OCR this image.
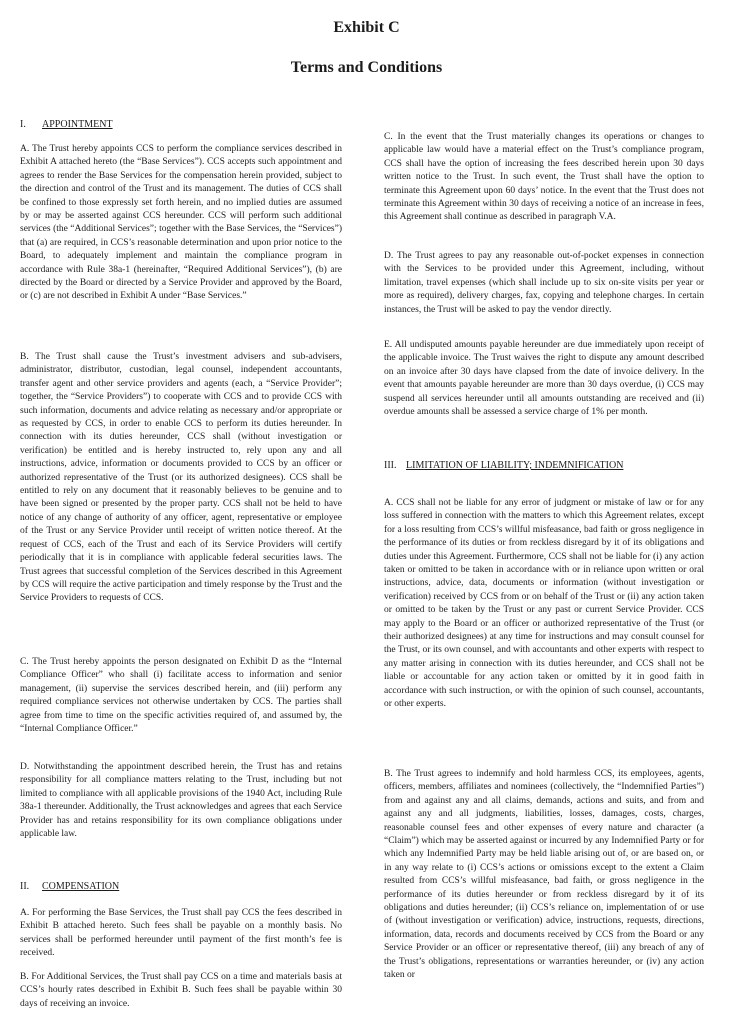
Exhibit C
Terms and Conditions
I. APPOINTMENT

A. The Trust hereby appoints CCS to perform the compliance services described in Exhibit A attached hereto (the “Base Services”). CCS accepts such appointment and agrees to render the Base Services for the compensation herein provided, subject to the direction and control of the Trust and its management. The duties of CCS shall be confined to those expressly set forth herein, and no implied duties are assumed by or may be asserted against CCS hereunder. CCS will perform such additional services (the “Additional Services”; together with the Base Services, the “Services”) that (a) are required, in CCS’s reasonable determination and upon prior notice to the Board, to adequately implement and maintain the compliance program in accordance with Rule 38a-1 (hereinafter, “Required Additional Services”), (b) are directed by the Board or directed by a Service Provider and approved by the Board, or (c) are not described in Exhibit A under “Base Services.”

B. The Trust shall cause the Trust’s investment advisers and sub-advisers, administrator, distributor, custodian, legal counsel, independent accountants, transfer agent and other service providers and agents (each, a “Service Provider”; together, the “Service Providers”) to cooperate with CCS and to provide CCS with such information, documents and advice relating as necessary and/or appropriate or as requested by CCS, in order to enable CCS to perform its duties hereunder. In connection with its duties hereunder, CCS shall (without investigation or verification) be entitled and is hereby instructed to, rely upon any and all instructions, advice, information or documents provided to CCS by an officer or authorized representative of the Trust (or its authorized designees). CCS shall be entitled to rely on any document that it reasonably believes to be genuine and to have been signed or presented by the proper party. CCS shall not be held to have notice of any change of authority of any officer, agent, representative or employee of the Trust or any Service Provider until receipt of written notice thereof. At the request of CCS, each of the Trust and each of its Service Providers will certify periodically that it is in compliance with applicable federal securities laws. The Trust agrees that successful completion of the Services described in this Agreement by CCS will require the active participation and timely response by the Trust and the Service Providers to requests of CCS.

C. The Trust hereby appoints the person designated on Exhibit D as the “Internal Compliance Officer” who shall (i) facilitate access to information and senior management, (ii) supervise the services described herein, and (iii) perform any required compliance services not otherwise undertaken by CCS. The parties shall agree from time to time on the specific activities required of, and assumed by, the “Internal Compliance Officer.”

D. Notwithstanding the appointment described herein, the Trust has and retains responsibility for all compliance matters relating to the Trust, including but not limited to compliance with all applicable provisions of the 1940 Act, including Rule 38a-1 thereunder. Additionally, the Trust acknowledges and agrees that each Service Provider has and retains responsibility for its own compliance obligations under applicable law.

II. COMPENSATION

A. For performing the Base Services, the Trust shall pay CCS the fees described in Exhibit B attached hereto. Such fees shall be payable on a monthly basis. No services shall be performed hereunder until payment of the first month’s fee is received.

B. For Additional Services, the Trust shall pay CCS on a time and materials basis at CCS’s hourly rates described in Exhibit B. Such fees shall be payable within 30 days of receiving an invoice.

C. In the event that the Trust materially changes its operations or changes to applicable law would have a material effect on the Trust’s compliance program, CCS shall have the option of increasing the fees described herein upon 30 days written notice to the Trust. In such event, the Trust shall have the option to terminate this Agreement upon 60 days’ notice. In the event that the Trust does not terminate this Agreement within 30 days of receiving a notice of an increase in fees, this Agreement shall continue as described in paragraph V.A.

D. The Trust agrees to pay any reasonable out-of-pocket expenses in connection with the Services to be provided under this Agreement, including, without limitation, travel expenses (which shall include up to six on-site visits per year or more as required), delivery charges, fax, copying and telephone charges. In certain instances, the Trust will be asked to pay the vendor directly.

E. All undisputed amounts payable hereunder are due immediately upon receipt of the applicable invoice. The Trust waives the right to dispute any amount described on an invoice after 30 days have clapsed from the date of invoice delivery. In the event that amounts payable hereunder are more than 30 days overdue, (i) CCS may suspend all services hereunder until all amounts outstanding are received and (ii) overdue amounts shall be assessed a service charge of 1% per month.

III. LIMITATION OF LIABILITY; INDEMNIFICATION

A. CCS shall not be liable for any error of judgment or mistake of law or for any loss suffered in connection with the matters to which this Agreement relates, except for a loss resulting from CCS’s willful misfeasance, bad faith or gross negligence in the performance of its duties or from reckless disregard by it of its obligations and duties under this Agreement. Furthermore, CCS shall not be liable for (i) any action taken or omitted to be taken in accordance with or in reliance upon written or oral instructions, advice, data, documents or information (without investigation or verification) received by CCS from or on behalf of the Trust or (ii) any action taken or omitted to be taken by the Trust or any past or current Service Provider. CCS may apply to the Board or an officer or authorized representative of the Trust (or their authorized designees) at any time for instructions and may consult counsel for the Trust, or its own counsel, and with accountants and other experts with respect to any matter arising in connection with its duties hereunder, and CCS shall not be liable or accountable for any action taken or omitted by it in good faith in accordance with such instruction, or with the opinion of such counsel, accountants, or other experts.

B. The Trust agrees to indemnify and hold harmless CCS, its employees, agents, officers, members, affiliates and nominees (collectively, the “Indemnified Parties”) from and against any and all claims, demands, actions and suits, and from and against any and all judgments, liabilities, losses, damages, costs, charges, reasonable counsel fees and other expenses of every nature and character (a “Claim”) which may be asserted against or incurred by any Indemnified Party or for which any Indemnified Party may be held liable arising out of, or are based on, or in any way relate to (i) CCS’s actions or omissions except to the extent a Claim resulted from CCS’s willful misfeasance, bad faith, or gross negligence in the performance of its duties hereunder or from reckless disregard by it of its obligations and duties hereunder; (ii) CCS’s reliance on, implementation of or use of (without investigation or verification) advice, instructions, requests, directions, information, data, records and documents received by CCS from the Board or any Service Provider or an officer or representative thereof, (iii) any breach of any of the Trust’s obligations, representations or warranties hereunder, or (iv) any action taken or
